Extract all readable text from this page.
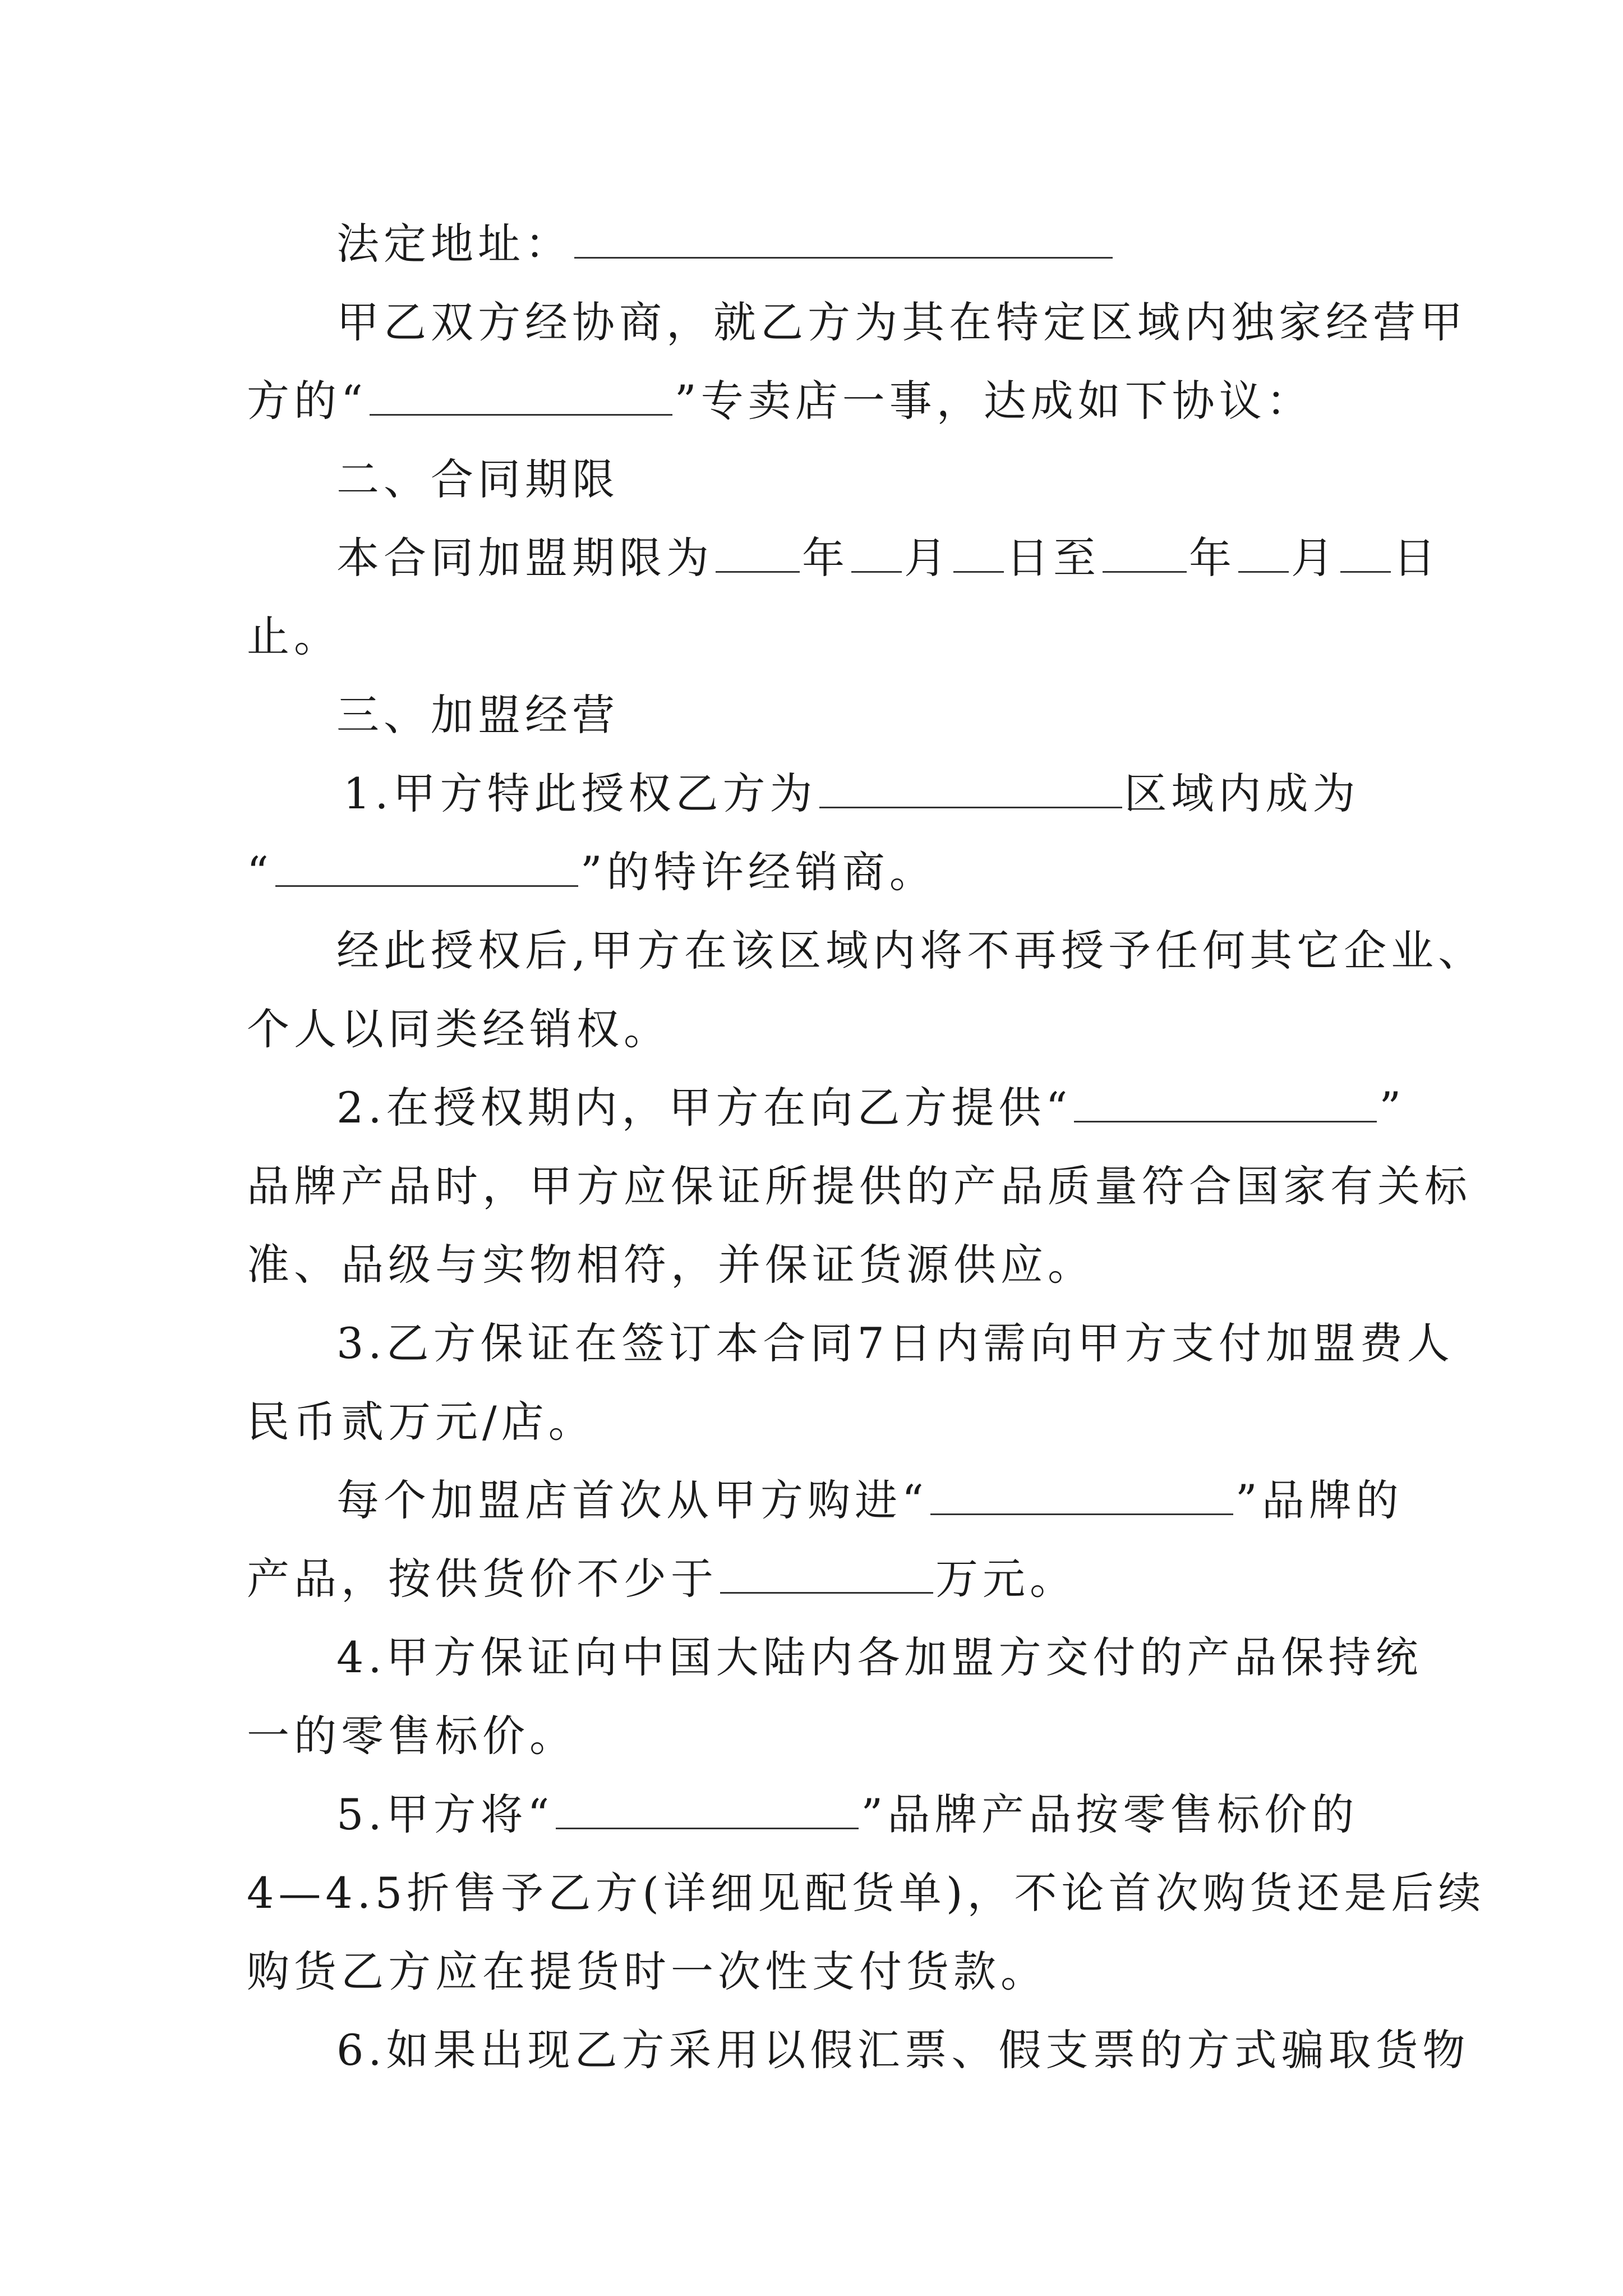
法定地址：
甲乙双方经协商，就乙方为其在特定区域内独家经营甲
方的“	”专卖店一事，达成如下协议：
二、合同期限
本合同加盟期限为 年 月 日至 年 月 日
止。
三、加盟经营
1.甲方特此授权乙方为	区域内成为
“	”的特许经销商。
经此授权后,甲方在该区域内将不再授予任何其它企业、
个人以同类经销权。
2.在授权期内，甲方在向乙方提供“	”
品牌产品时，甲方应保证所提供的产品质量符合国家有关标
准、品级与实物相符，并保证货源供应。
3.乙方保证在签订本合同7日内需向甲方支付加盟费人
民币贰万元/店。
每个加盟店首次从甲方购进“	”品牌的
产品，按供货价不少于	万元。
4.甲方保证向中国大陆内各加盟方交付的产品保持统
一的零售标价。
5.甲方将“	”品牌产品按零售标价的
4—4.5折售予乙方(详细见配货单)，不论首次购货还是后续
购货乙方应在提货时一次性支付货款。
6.如果出现乙方采用以假汇票、假支票的方式骗取货物
